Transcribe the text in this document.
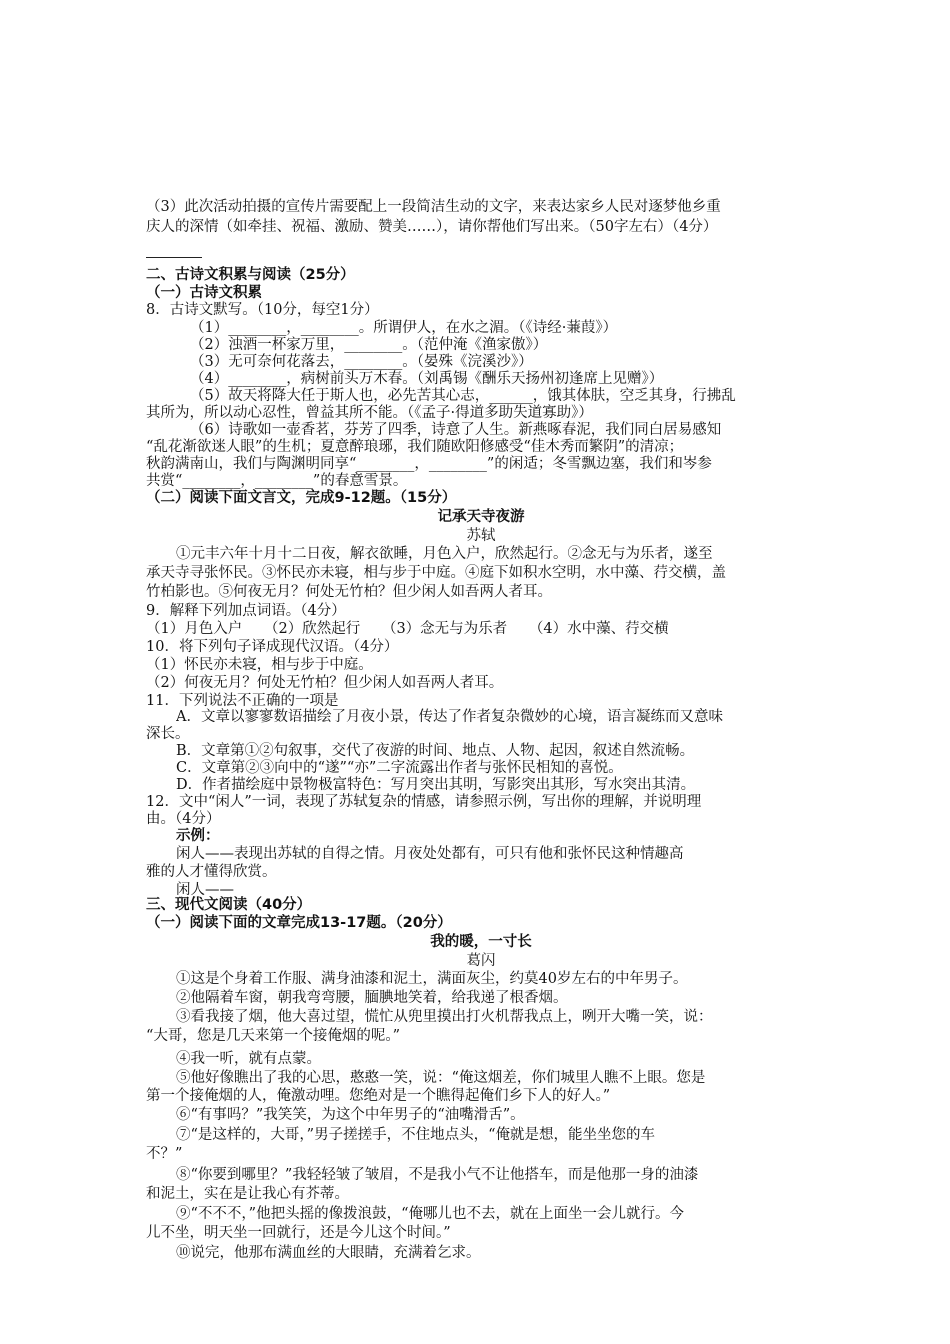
（3）此次活动拍摄的宣传片需要配上一段简洁生动的文字，来表达家乡人民对逐梦他乡重
庆人的深情（如牵挂、祝福、激励、赞美……），请你帮他们写出来。（50字左右）（4分）
二、古诗文积累与阅读（25分）
（一）古诗文积累
8．古诗文默写。（10分，每空1分）
（1）________，________。所谓伊人，在水之湄。（《诗经·蒹葭》）
（2）浊酒一杯家万里，________。（范仲淹《渔家傲》）
（3）无可奈何花落去，________。（晏殊《浣溪沙》）
（4）________，病树前头万木春。（刘禹锡《酬乐天扬州初逢席上见赠》）
（5）故天将降大任于斯人也，必先苦其心志，______，饿其体肤，空乏其身，行拂乱
其所为，所以动心忍性，曾益其所不能。（《孟子·得道多助失道寡助》）
（6）诗歌如一壶香茗，芬芳了四季，诗意了人生。新燕啄春泥，我们同白居易感知
“乱花渐欲迷人眼”的生机；夏意醉琅琊，我们随欧阳修感受“佳木秀而繁阴”的清凉；
秋韵满南山，我们与陶渊明同享“________，________”的闲适；冬雪飘边塞，我们和岑参
共赏“________，________”的春意雪景。
（二）阅读下面文言文，完成9-12题。（15分）
记承天寺夜游
苏轼
①元丰六年十月十二日夜，解衣欲睡，月色入户，欣然起行。②念无与为乐者，遂至
承天寺寻张怀民。③怀民亦未寝，相与步于中庭。④庭下如积水空明，水中藻、荇交横，盖
竹柏影也。⑤何夜无月？何处无竹柏？但少闲人如吾两人者耳。
9．解释下列加点词语。（4分）
（1）月色入户　　（2）欣然起行　　（3）念无与为乐者　　（4）水中藻、荇交横
10．将下列句子译成现代汉语。（4分）
（1）怀民亦未寝，相与步于中庭。
（2）何夜无月？何处无竹柏？但少闲人如吾两人者耳。
11．下列说法不正确的一项是
A．文章以寥寥数语描绘了月夜小景，传达了作者复杂微妙的心境，语言凝练而又意味
深长。
B．文章第①②句叙事，交代了夜游的时间、地点、人物、起因，叙述自然流畅。
C．文章第②③向中的“遂”“亦”二字流露出作者与张怀民相知的喜悦。
D．作者描绘庭中景物极富特色：写月突出其明，写影突出其形，写水突出其清。
12．文中“闲人”一词，表现了苏轼复杂的情感，请参照示例，写出你的理解，并说明理
由。（4分）
示例：
闲人——表现出苏轼的自得之情。月夜处处都有，可只有他和张怀民这种情趣高
雅的人才懂得欣赏。
闲人——
三、现代文阅读（40分）
（一）阅读下面的文章完成13-17题。（20分）
我的暖，一寸长
葛闪
①这是个身着工作服、满身油漆和泥土，满面灰尘，约莫40岁左右的中年男子。
②他隔着车窗，朝我弯弯腰，腼腆地笑着，给我递了根香烟。
③看我接了烟，他大喜过望，慌忙从兜里摸出打火机帮我点上，咧开大嘴一笑，说：
“大哥，您是几天来第一个接俺烟的呢。”
④我一听，就有点蒙。
⑤他好像瞧出了我的心思，憨憨一笑，说：“俺这烟差，你们城里人瞧不上眼。您是
第一个接俺烟的人，俺激动哩。您绝对是一个瞧得起俺们乡下人的好人。”
⑥“有事吗？”我笑笑，为这个中年男子的“油嘴滑舌”。
⑦“是这样的，大哥，”男子搓搓手，不住地点头，“俺就是想，能坐坐您的车
不？”
⑧“你要到哪里？”我轻轻皱了皱眉，不是我小气不让他搭车，而是他那一身的油漆
和泥土，实在是让我心有芥蒂。
⑨“不不不，”他把头摇的像拨浪鼓，“俺哪儿也不去，就在上面坐一会儿就行。今
儿不坐，明天坐一回就行，还是今儿这个时间。”
⑩说完，他那布满血丝的大眼睛，充满着乞求。
